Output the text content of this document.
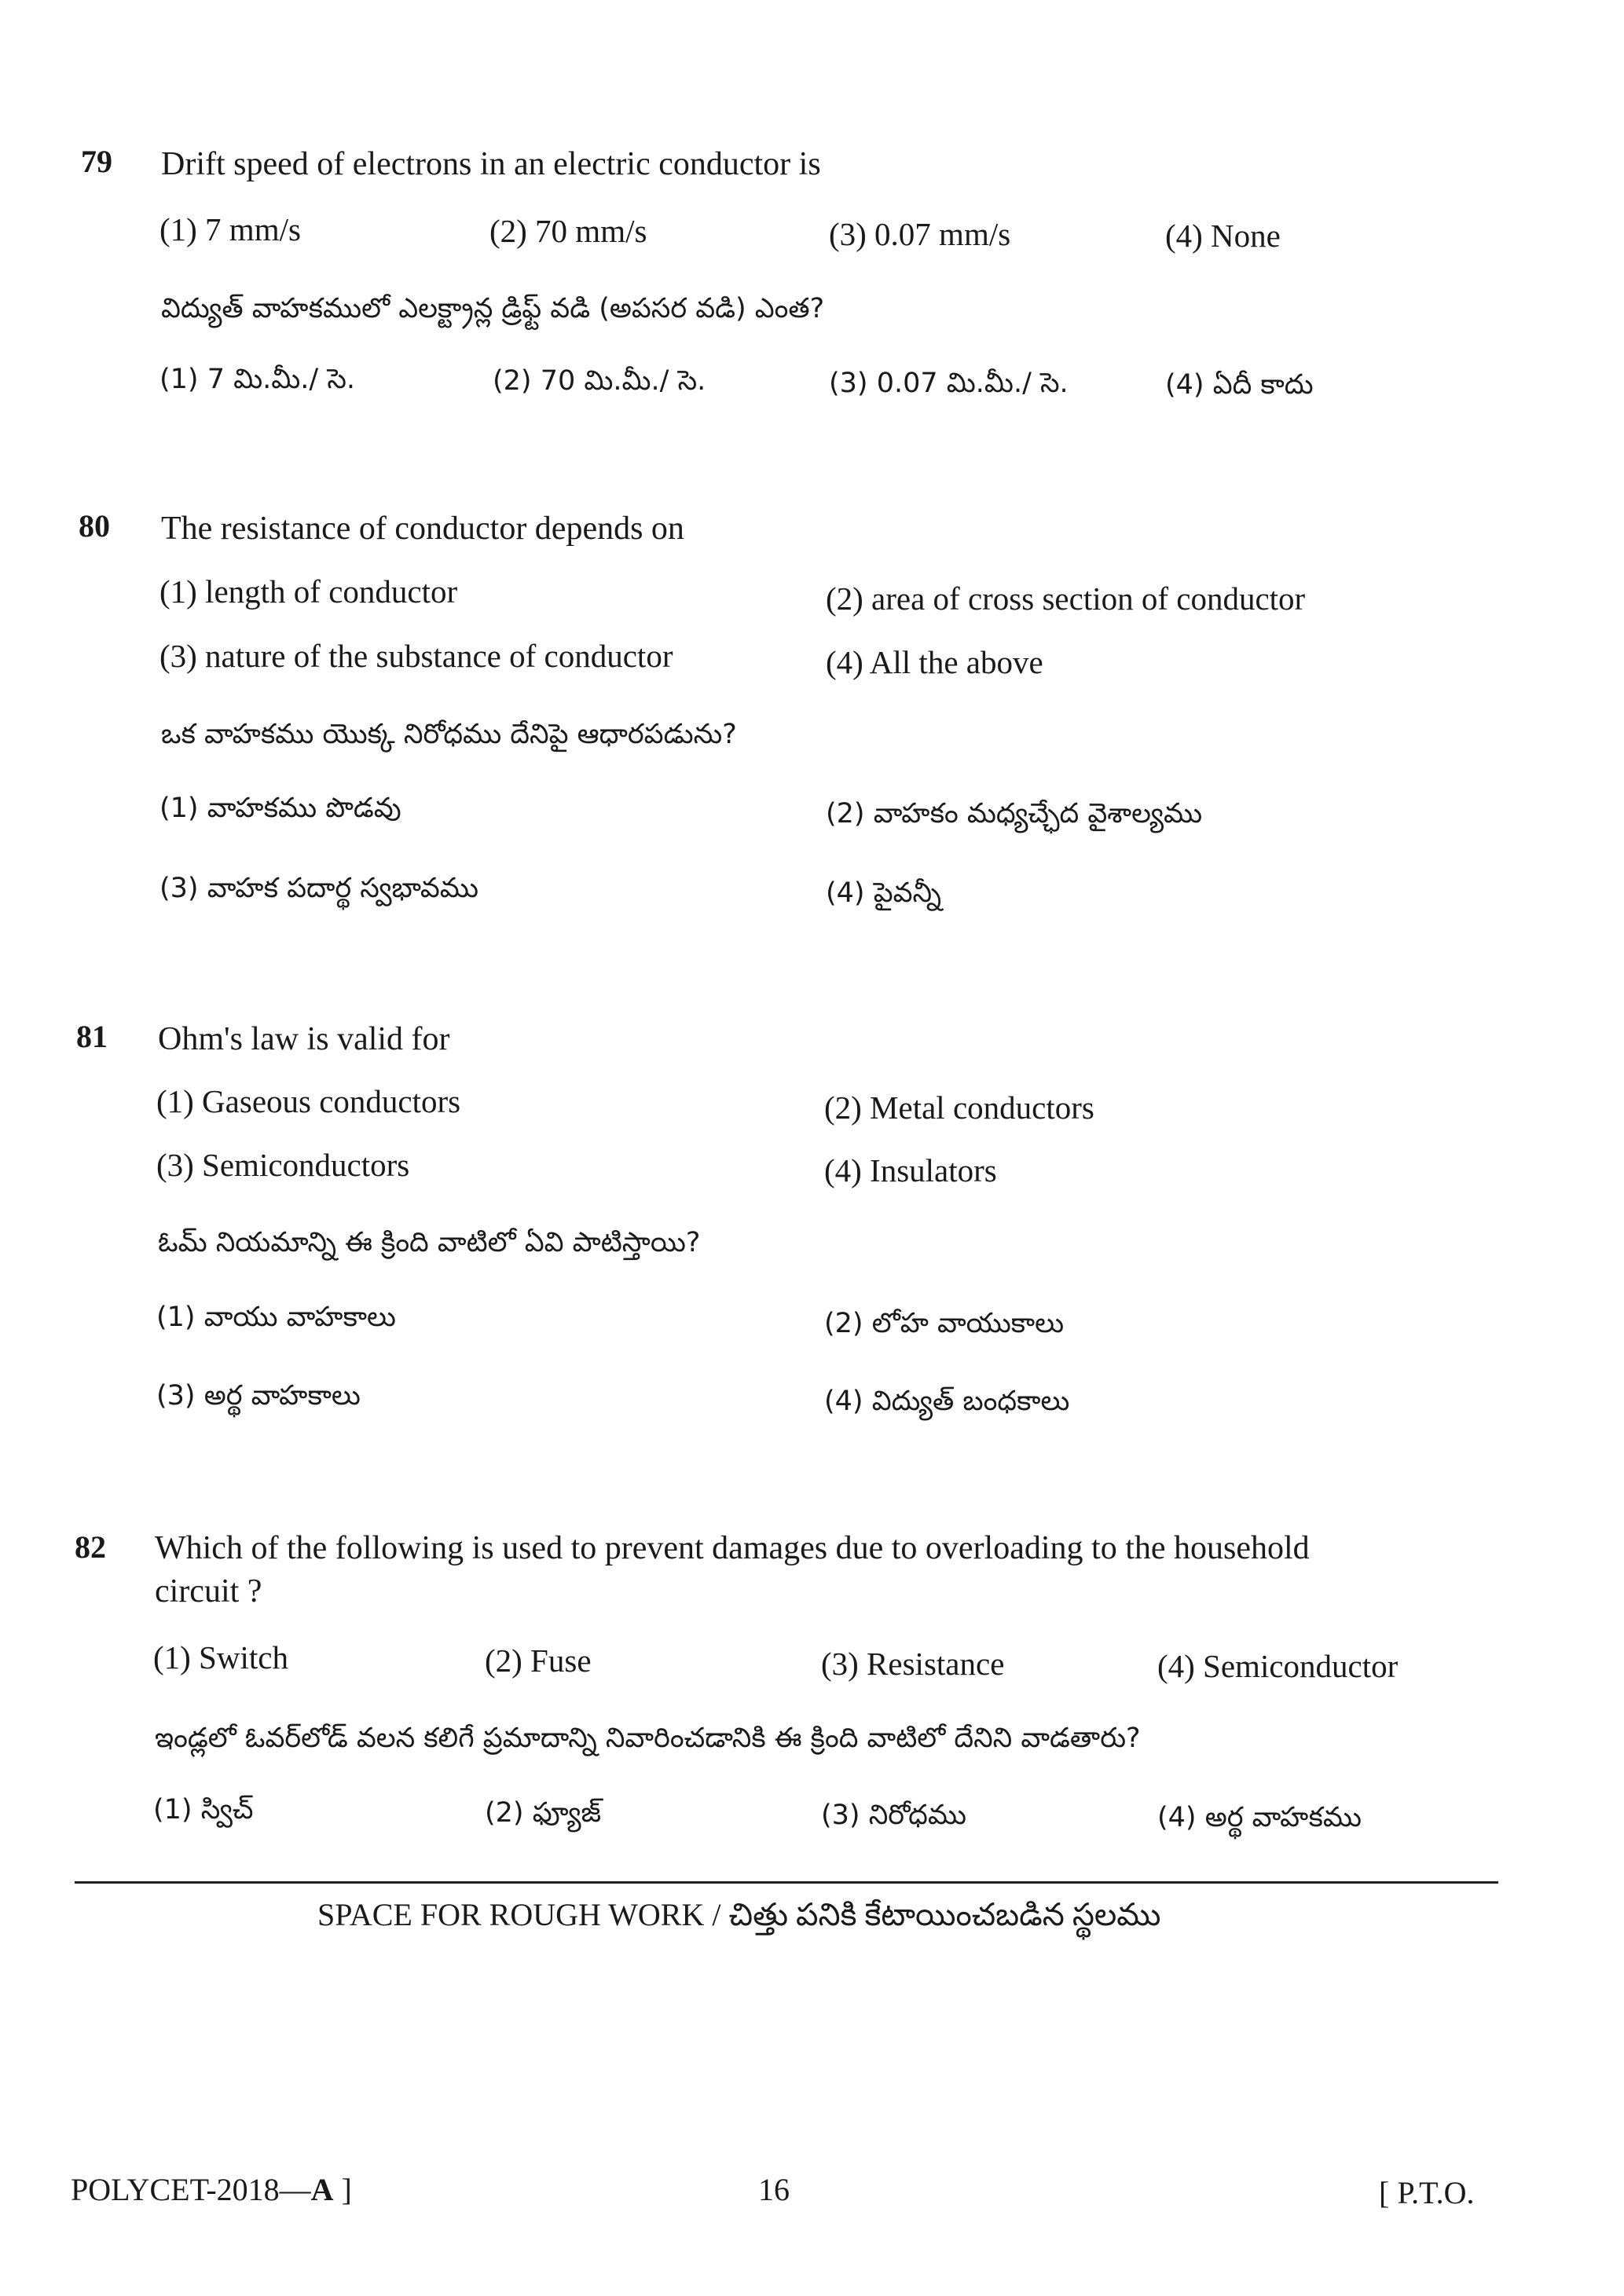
79 Drift speed of electrons in an electric conductor is
(1) 7 mm/s	(2) 70 mm/s	(3) 0.07 mm/s	(4) None
విద్యుత్ వాహకములో ఎలక్ట్రాన్ల డ్రిఫ్ట్ వడి (అపసర వడి) ఎంత?
(1) 7 మి.మీ./ సె.	(2) 70 మి.మీ./ సె.	(3) 0.07 మి.మీ./ సె.	(4) ఏదీ కాదు
80 The resistance of conductor depends on
(1) length of conductor	(2) area of cross section of conductor
(3) nature of the substance of conductor	(4) All the above
ఒక వాహకము యొక్క నిరోధము దేనిపై ఆధారపడును?
(1) వాహకము పొడవు	(2) వాహకం మధ్యచ్ఛేద వైశాల్యము
(3) వాహక పదార్థ స్వభావము	(4) పైవన్నీ
81 Ohm's law is valid for
(1) Gaseous conductors	(2) Metal conductors
(3) Semiconductors	(4) Insulators
ఓమ్ నియమాన్ని ఈ క్రింది వాటిలో ఏవి పాటిస్తాయి?
(1) వాయు వాహకాలు	(2) లోహ వాయుకాలు
(3) అర్థ వాహకాలు	(4) విద్యుత్ బంధకాలు
82 Which of the following is used to prevent damages due to overloading to the household
circuit ?
(1) Switch	(2) Fuse	(3) Resistance	(4) Semiconductor
ఇండ్లలో ఓవర్‌లోడ్ వలన కలిగే ప్రమాదాన్ని నివారించడానికి ఈ క్రింది వాటిలో దేనిని వాడతారు?
(1) స్విచ్	(2) ఫ్యూజ్	(3) నిరోధము	(4) అర్థ వాహకము
SPACE FOR ROUGH WORK / చిత్తు పనికి కేటాయించబడిన స్థలము
POLYCET-2018—A ]	16	[ P.T.O.
